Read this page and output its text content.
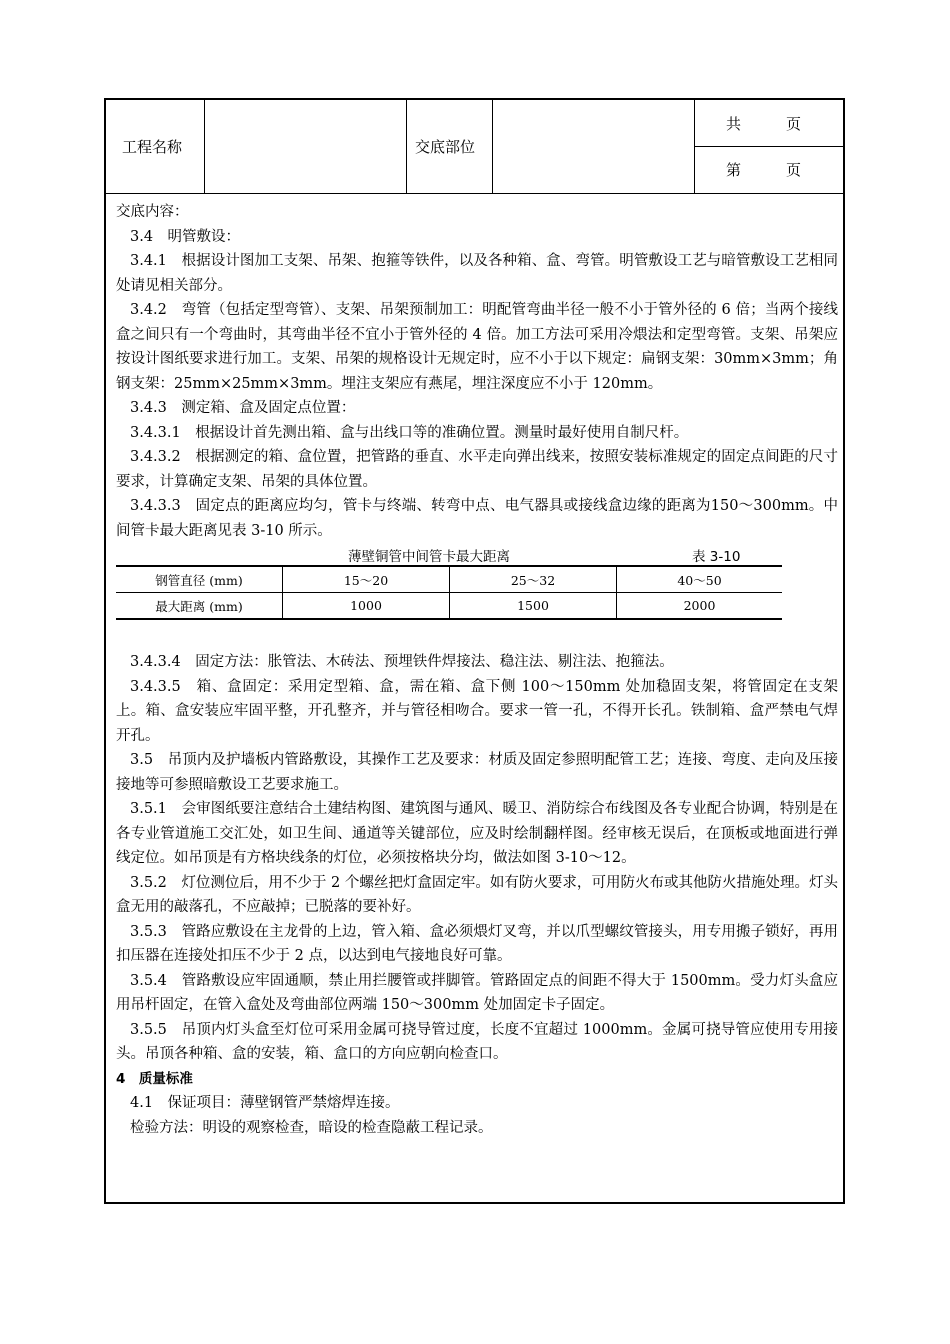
工程名称	交底部位
共　　　页
第　　　页

交底内容：

3.4　明管敷设：

3.4.1　根据设计图加工支架、吊架、抱箍等铁件，以及各种箱、盒、弯管。明管敷设工艺与暗管敷设工艺相同处请见相关部分。

3.4.2　弯管（包括定型弯管）、支架、吊架预制加工：明配管弯曲半径一般不小于管外径的 6 倍；当两个接线盒之间只有一个弯曲时，其弯曲半径不宜小于管外径的 4 倍。加工方法可采用冷煨法和定型弯管。支架、吊架应按设计图纸要求进行加工。支架、吊架的规格设计无规定时，应不小于以下规定：扁钢支架：30mm×3mm；角钢支架：25mm×25mm×3mm。埋注支架应有燕尾，埋注深度应不小于 120mm。

3.4.3　测定箱、盒及固定点位置：

3.4.3.1　根据设计首先测出箱、盒与出线口等的准确位置。测量时最好使用自制尺杆。

3.4.3.2　根据测定的箱、盒位置，把管路的垂直、水平走向弹出线来，按照安装标准规定的固定点间距的尺寸要求，计算确定支架、吊架的具体位置。

3.4.3.3　固定点的距离应均匀，管卡与终端、转弯中点、电气器具或接线盒边缘的距离为150～300mm。中间管卡最大距离见表 3-10 所示。

薄壁铜管中间管卡最大距离	表 3-10
钢管直径 (mm)	15～20	25～32	40～50
最大距离 (mm)	1000	1500	2000

3.4.3.4　固定方法：胀管法、木砖法、预埋铁件焊接法、稳注法、剔注法、抱箍法。

3.4.3.5　箱、盒固定：采用定型箱、盒，需在箱、盒下侧 100～150mm 处加稳固支架，将管固定在支架上。箱、盒安装应牢固平整，开孔整齐，并与管径相吻合。要求一管一孔，不得开长孔。铁制箱、盒严禁电气焊开孔。

3.5　吊顶内及护墙板内管路敷设，其操作工艺及要求：材质及固定参照明配管工艺；连接、弯度、走向及压接接地等可参照暗敷设工艺要求施工。

3.5.1　会审图纸要注意结合土建结构图、建筑图与通风、暖卫、消防综合布线图及各专业配合协调，特别是在各专业管道施工交汇处，如卫生间、通道等关键部位，应及时绘制翻样图。经审核无误后，在顶板或地面进行弹线定位。如吊顶是有方格块线条的灯位，必须按格块分均，做法如图 3-10～12。

3.5.2　灯位测位后，用不少于 2 个螺丝把灯盒固定牢。如有防火要求，可用防火布或其他防火措施处理。灯头盒无用的敲落孔，不应敲掉；已脱落的要补好。

3.5.3　管路应敷设在主龙骨的上边，管入箱、盒必须煨灯叉弯，并以爪型螺纹管接头，用专用搬子锁好，再用扣压器在连接处扣压不少于 2 点，以达到电气接地良好可靠。

3.5.4　管路敷设应牢固通顺，禁止用拦腰管或拌脚管。管路固定点的间距不得大于 1500mm。受力灯头盒应用吊杆固定，在管入盒处及弯曲部位两端 150～300mm 处加固定卡子固定。

3.5.5　吊顶内灯头盒至灯位可采用金属可挠导管过度，长度不宜超过 1000mm。金属可挠导管应使用专用接头。吊顶各种箱、盒的安装，箱、盒口的方向应朝向检查口。

4　质量标准

4.1　保证项目：薄壁钢管严禁熔焊连接。

检验方法：明设的观察检查，暗设的检查隐蔽工程记录。
